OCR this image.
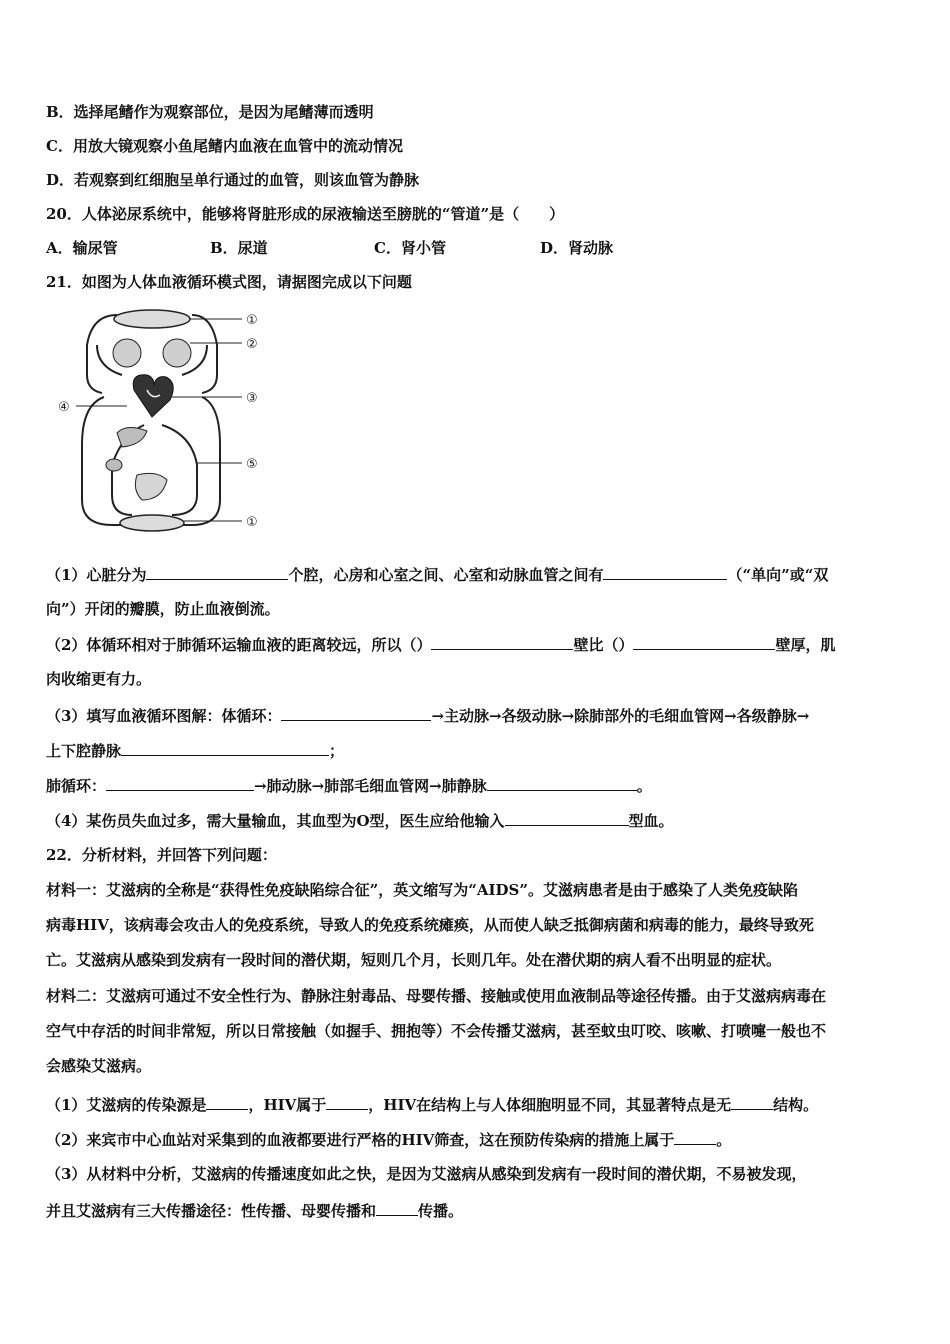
B．选择尾鳍作为观察部位，是因为尾鳍薄而透明
C．用放大镜观察小鱼尾鳍内血液在血管中的流动情况
D．若观察到红细胞呈单行通过的血管，则该血管为静脉
20．人体泌尿系统中，能够将肾脏形成的尿液输送至膀胱的“管道”是（　　）
A．输尿管	B．尿道	C．肾小管	D．肾动脉
21．如图为人体血液循环模式图，请据图完成以下问题
①
②
③
④
⑤
①
（1）心脏分为	个腔，心房和心室之间、心室和动脉血管之间有	（“单向”或“双
向”）开闭的瓣膜，防止血液倒流。
（2）体循环相对于肺循环运输血液的距离较远，所以（）	壁比（）	壁厚，肌
肉收缩更有力。
（3）填写血液循环图解：体循环：	→主动脉→各级动脉→除肺部外的毛细血管网→各级静脉→
上下腔静脉	；
肺循环：	→肺动脉→肺部毛细血管网→肺静脉	。
（4）某伤员失血过多，需大量输血，其血型为O型，医生应给他输入	型血。
22．分析材料，并回答下列问题：
材料一：艾滋病的全称是“获得性免疫缺陷综合征”，英文缩写为“AIDS”。艾滋病患者是由于感染了人类免疫缺陷
病毒HIV，该病毒会攻击人的免疫系统，导致人的免疫系统瘫痪，从而使人缺乏抵御病菌和病毒的能力，最终导致死
亡。艾滋病从感染到发病有一段时间的潜伏期，短则几个月，长则几年。处在潜伏期的病人看不出明显的症状。
材料二：艾滋病可通过不安全性行为、静脉注射毒品、母婴传播、接触或使用血液制品等途径传播。由于艾滋病病毒在
空气中存活的时间非常短，所以日常接触（如握手、拥抱等）不会传播艾滋病，甚至蚊虫叮咬、咳嗽、打喷嚏一般也不
会感染艾滋病。
（1）艾滋病的传染源是	，HIV属于	，HIV在结构上与人体细胞明显不同，其显著特点是无	结构。
（2）来宾市中心血站对采集到的血液都要进行严格的HIV筛查，这在预防传染病的措施上属于	。
（3）从材料中分析，艾滋病的传播速度如此之快，是因为艾滋病从感染到发病有一段时间的潜伏期，不易被发现，
并且艾滋病有三大传播途径：性传播、母婴传播和	传播。
